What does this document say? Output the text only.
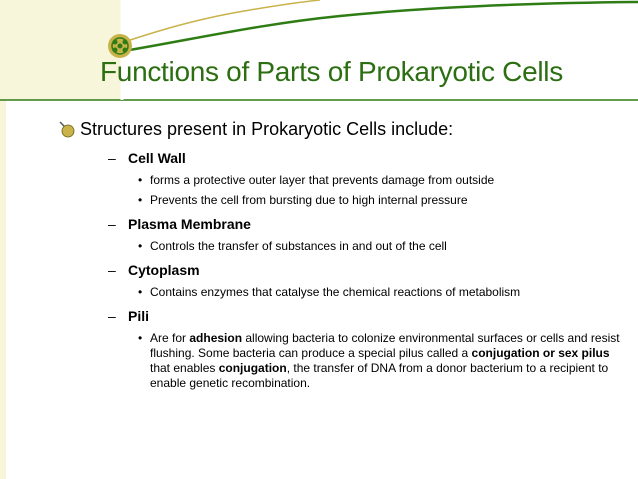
Functions of Parts of Prokaryotic Cells
Structures present in Prokaryotic Cells include:
– Cell Wall
• forms a protective outer layer that prevents damage from outside
• Prevents the cell from bursting due to high internal pressure
– Plasma Membrane
• Controls the transfer of substances in and out of the cell
– Cytoplasm
• Contains enzymes that catalyse the chemical reactions of metabolism
– Pili
• Are for adhesion allowing bacteria to colonize environmental surfaces or cells and resist flushing. Some bacteria can produce a special pilus called a conjugation or sex pilus that enables conjugation, the transfer of DNA from a donor bacterium to a recipient to enable genetic recombination.
